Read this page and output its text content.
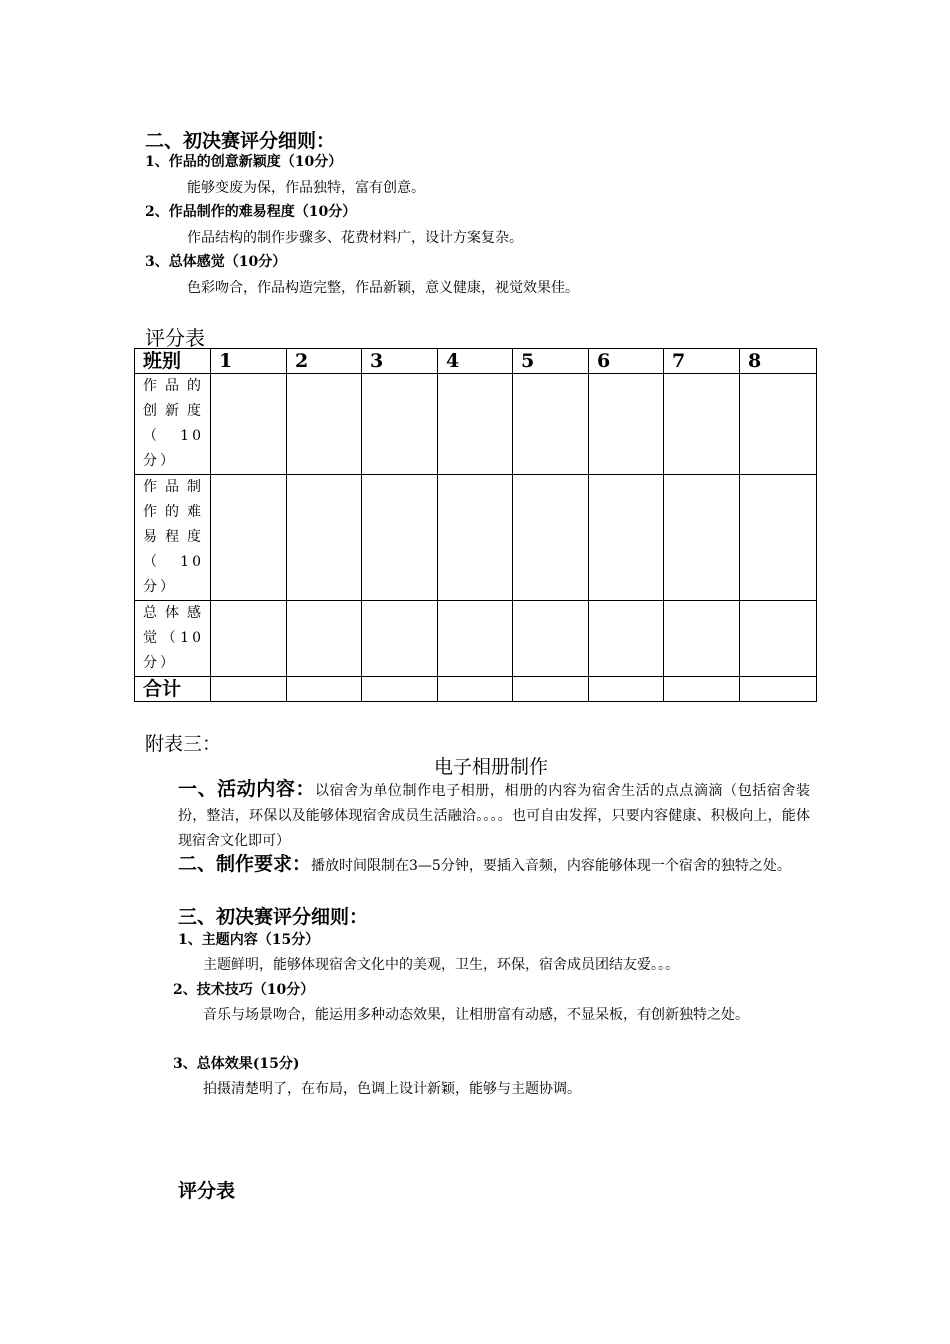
二、初决赛评分细则：
1、作品的创意新颖度（10分）
能够变废为保，作品独特，富有创意。
2、作品制作的难易程度（10分）
作品结构的制作步骤多、花费材料广，设计方案复杂。
3、总体感觉（10分）
色彩吻合，作品构造完整，作品新颖，意义健康，视觉效果佳。
评分表
班别	1	2	3	4	5	6	7	8
作品的创新度（10分）								
作品制作的难易程度（10分）								
总体感觉（10分）								
合计								
附表三：
电子相册制作
一、活动内容：以宿舍为单位制作电子相册，相册的内容为宿舍生活的点点滴滴（包括宿舍装扮，整洁，环保以及能够体现宿舍成员生活融洽。。。。也可自由发挥，只要内容健康、积极向上，能体现宿舍文化即可）
二、制作要求：播放时间限制在3—5分钟，要插入音频，内容能够体现一个宿舍的独特之处。
三、初决赛评分细则：
1、主题内容（15分）
主题鲜明，能够体现宿舍文化中的美观，卫生，环保，宿舍成员团结友爱。。。
2、技术技巧（10分）
音乐与场景吻合，能运用多种动态效果，让相册富有动感，不显呆板，有创新独特之处。
3、总体效果(15分)
拍摄清楚明了，在布局，色调上设计新颖，能够与主题协调。
评分表
